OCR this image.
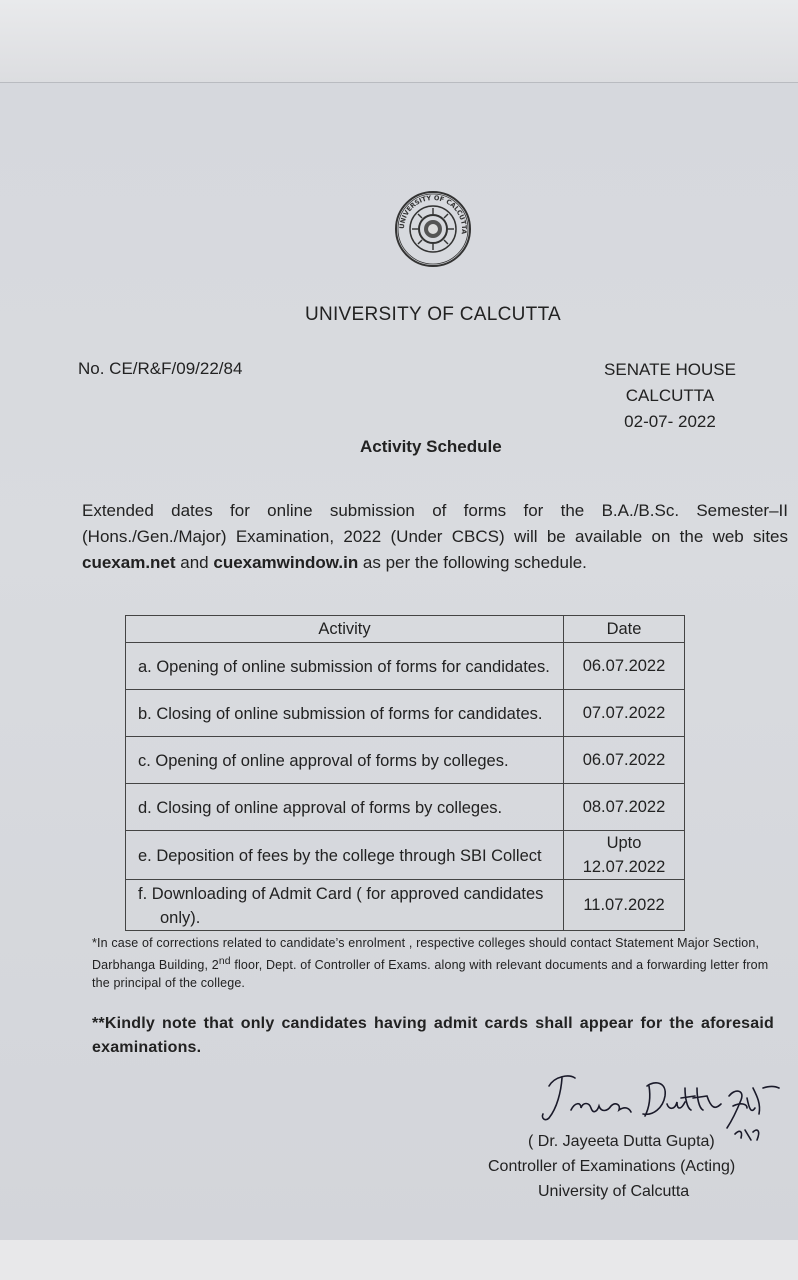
UNIVERSITY OF CALCUTTA
UNIVERSITY OF CALCUTTA
No. CE/R&F/09/22/84	SENATE HOUSE
CALCUTTA
02-07- 2022
Activity Schedule
Extended dates for online submission of forms for the B.A./B.Sc. Semester–II (Hons./Gen./Major) Examination, 2022 (Under CBCS) will be available on the web sites cuexam.net and cuexamwindow.in as per the following schedule.
Activity	Date

a. Opening of online submission of forms for candidates.	06.07.2022

b. Closing of online submission of forms for candidates.	07.07.2022

c. Opening of online approval of forms by colleges.	06.07.2022

d. Closing of online approval of forms by colleges.	08.07.2022

e. Deposition of fees by the college through SBI Collect	Upto
12.07.2022

f. Downloading of Admit Card ( for approved candidates only).	11.07.2022
*In case of corrections related to candidate’s enrolment , respective colleges should contact Statement Major Section, Darbhanga Building, 2nd floor, Dept. of Controller of Exams. along with relevant documents and a forwarding letter from the principal of the college.
**Kindly note that only candidates having admit cards shall appear for the aforesaid examinations.
( Dr. Jayeeta Dutta Gupta)
Controller of Examinations (Acting)
University of Calcutta
